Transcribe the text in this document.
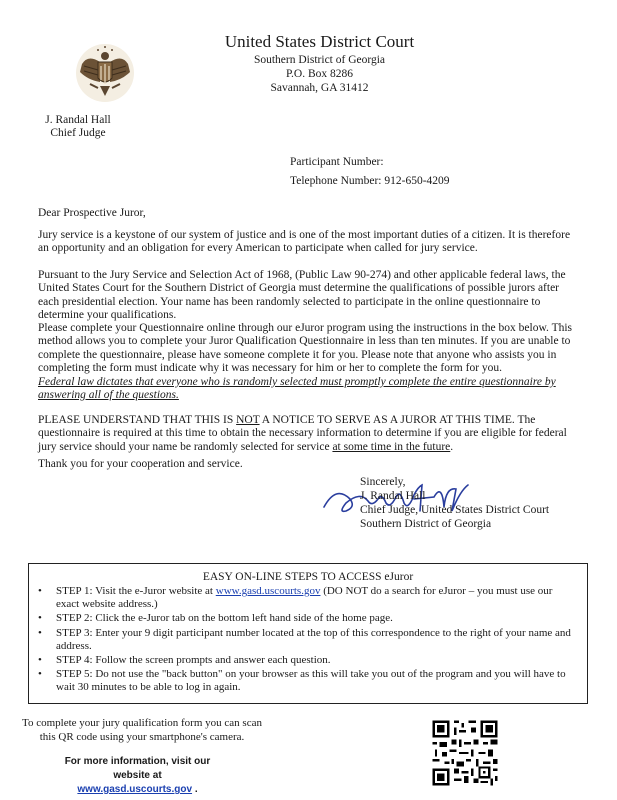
United States District Court
Southern District of Georgia
P.O. Box 8286
Savannah, GA 31412
J. Randal Hall
Chief Judge
Participant Number:
Telephone Number: 912-650-4209
Dear Prospective Juror,
Jury service is a keystone of our system of justice and is one of the most important duties of a citizen. It is therefore an opportunity and an obligation for every American to participate when called for jury service.
Pursuant to the Jury Service and Selection Act of 1968, (Public Law 90-274) and other applicable federal laws, the United States Court for the Southern District of Georgia must determine the qualifications of possible jurors after each presidential election. Your name has been randomly selected to participate in the online questionnaire to determine your qualifications.
Please complete your Questionnaire online through our eJuror program using the instructions in the box below. This method allows you to complete your Juror Qualification Questionnaire in less than ten minutes. If you are unable to complete the questionnaire, please have someone complete it for you. Please note that anyone who assists you in completing the form must indicate why it was necessary for him or her to complete the form for you.
Federal law dictates that everyone who is randomly selected must promptly complete the entire questionnaire by answering all of the questions.
PLEASE UNDERSTAND THAT THIS IS NOT A NOTICE TO SERVE AS A JUROR AT THIS TIME. The questionnaire is required at this time to obtain the necessary information to determine if you are eligible for federal jury service should your name be randomly selected for service at some time in the future.
Thank you for your cooperation and service.
Sincerely,
J. Randal Hall
Chief Judge, United States District Court
Southern District of Georgia
EASY ON-LINE STEPS TO ACCESS eJuror
• STEP 1: Visit the e-Juror website at www.gasd.uscourts.gov (DO NOT do a search for eJuror – you must use our exact website address.)
• STEP 2: Click the e-Juror tab on the bottom left hand side of the home page.
• STEP 3: Enter your 9 digit participant number located at the top of this correspondence to the right of your name and address.
• STEP 4: Follow the screen prompts and answer each question.
• STEP 5: Do not use the "back button" on your browser as this will take you out of the program and you will have to wait 30 minutes to be able to log in again.
To complete your jury qualification form you can scan this QR code using your smartphone's camera.
For more information, visit our website at
www.gasd.uscourts.gov .
